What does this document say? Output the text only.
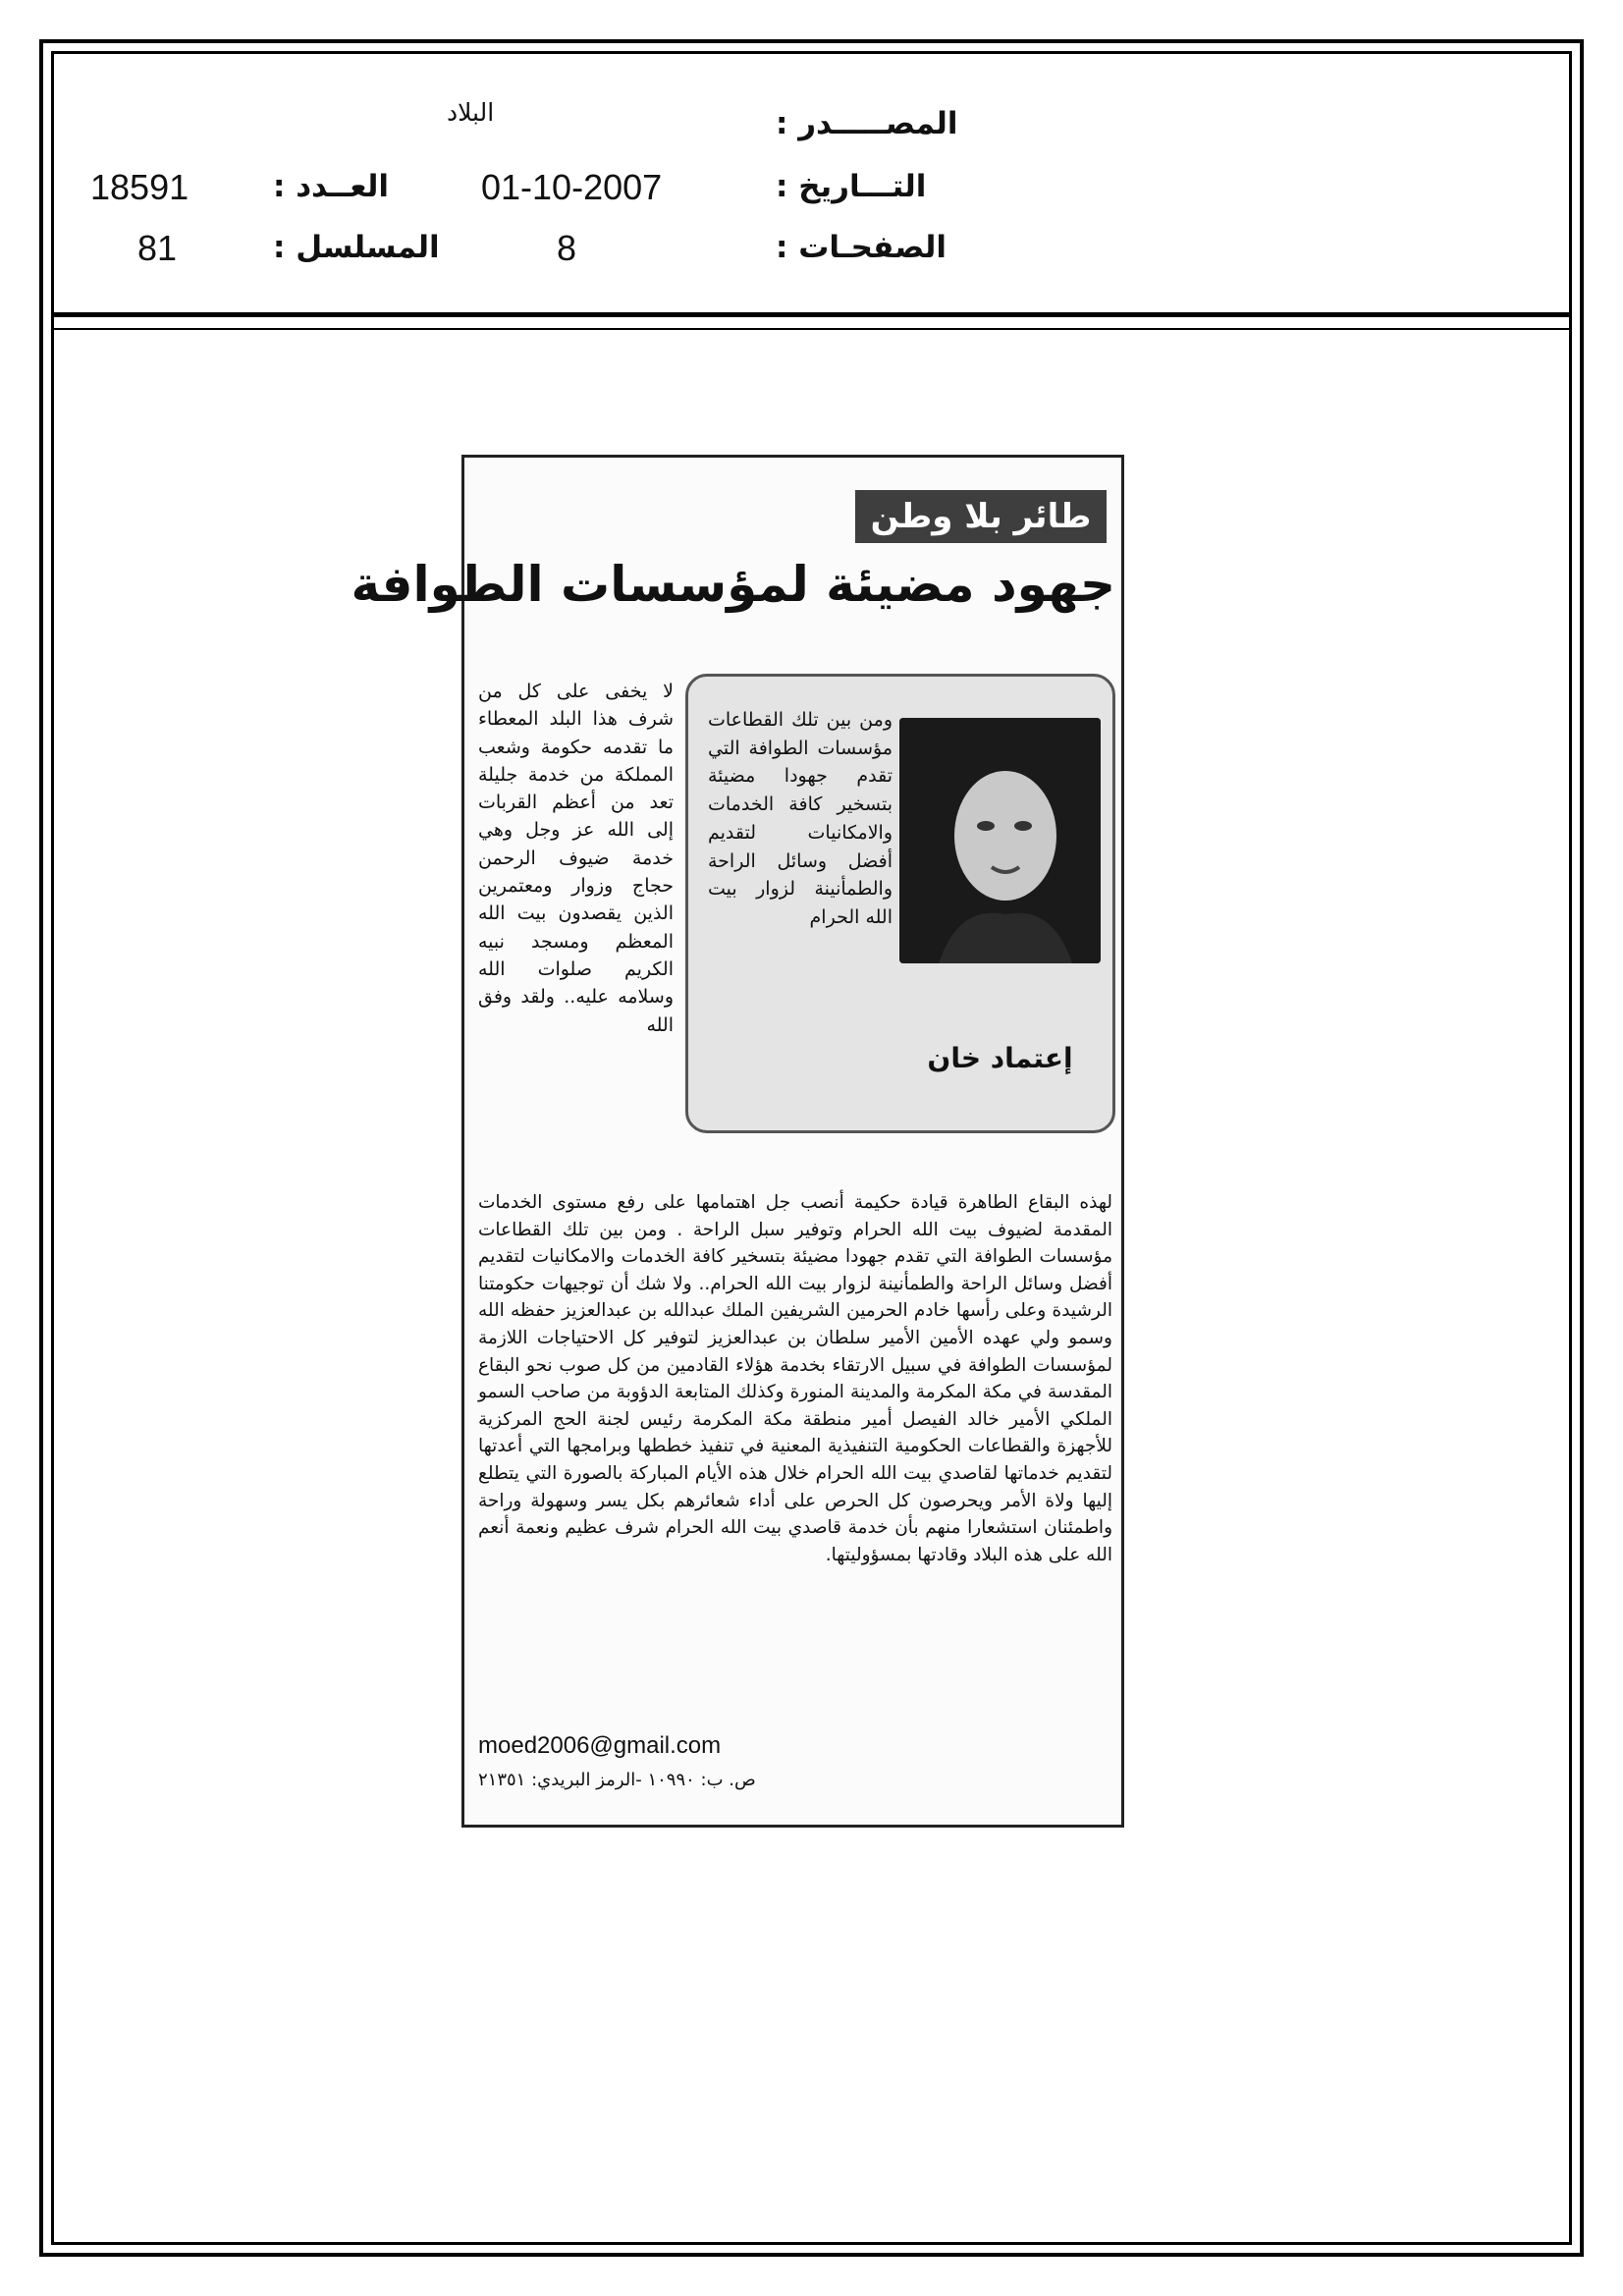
المصـــــدر :
البلاد
التـــاريخ :
01-10-2007
الصفحـات :
8
العــدد :
18591
المسلسل :
81
طائر بلا وطن
جهود مضيئة لمؤسسات الطوافة
إعتماد خان
ومن بين تلك القطاعات مؤسسات الطوافة التي تقدم جهودا مضيئة بتسخير كافة الخدمات والامكانيات لتقديم أفضل وسائل الراحة والطمأنينة لزوار بيت الله الحرام
لا يخفى على كل من شرف هذا البلد المعطاء ما تقدمه حكومة وشعب المملكة من خدمة جليلة تعد من أعظم القربات إلى الله عز وجل وهي خدمة ضيوف الرحمن حجاج وزوار ومعتمرين الذين يقصدون بيت الله المعظم ومسجد نبيه الكريم صلوات الله وسلامه عليه.. ولقد وفق الله
لهذه البقاع الطاهرة قيادة حكيمة أنصب جل اهتمامها على رفع مستوى الخدمات المقدمة لضيوف بيت الله الحرام وتوفير سبل الراحة . ومن بين تلك القطاعات مؤسسات الطوافة التي تقدم جهودا مضيئة بتسخير كافة الخدمات والامكانيات لتقديم أفضل وسائل الراحة والطمأنينة لزوار بيت الله الحرام.. ولا شك أن توجيهات حكومتنا الرشيدة وعلى رأسها خادم الحرمين الشريفين الملك عبدالله بن عبدالعزيز حفظه الله وسمو ولي عهده الأمين الأمير سلطان بن عبدالعزيز لتوفير كل الاحتياجات اللازمة لمؤسسات الطوافة في سبيل الارتقاء بخدمة هؤلاء القادمين من كل صوب نحو البقاع المقدسة في مكة المكرمة والمدينة المنورة وكذلك المتابعة الدؤوبة من صاحب السمو الملكي الأمير خالد الفيصل أمير منطقة مكة المكرمة رئيس لجنة الحج المركزية للأجهزة والقطاعات الحكومية التنفيذية المعنية في تنفيذ خططها وبرامجها التي أعدتها لتقديم خدماتها لقاصدي بيت الله الحرام خلال هذه الأيام المباركة بالصورة التي يتطلع إليها ولاة الأمر ويحرصون كل الحرص على أداء شعائرهم بكل يسر وسهولة وراحة واطمئنان استشعارا منهم بأن خدمة قاصدي بيت الله الحرام شرف عظيم ونعمة أنعم الله على هذه البلاد وقادتها بمسؤوليتها.
moed2006@gmail.com
ص. ب: ١٠٩٩٠ -الرمز البريدي: ٢١٣٥١
